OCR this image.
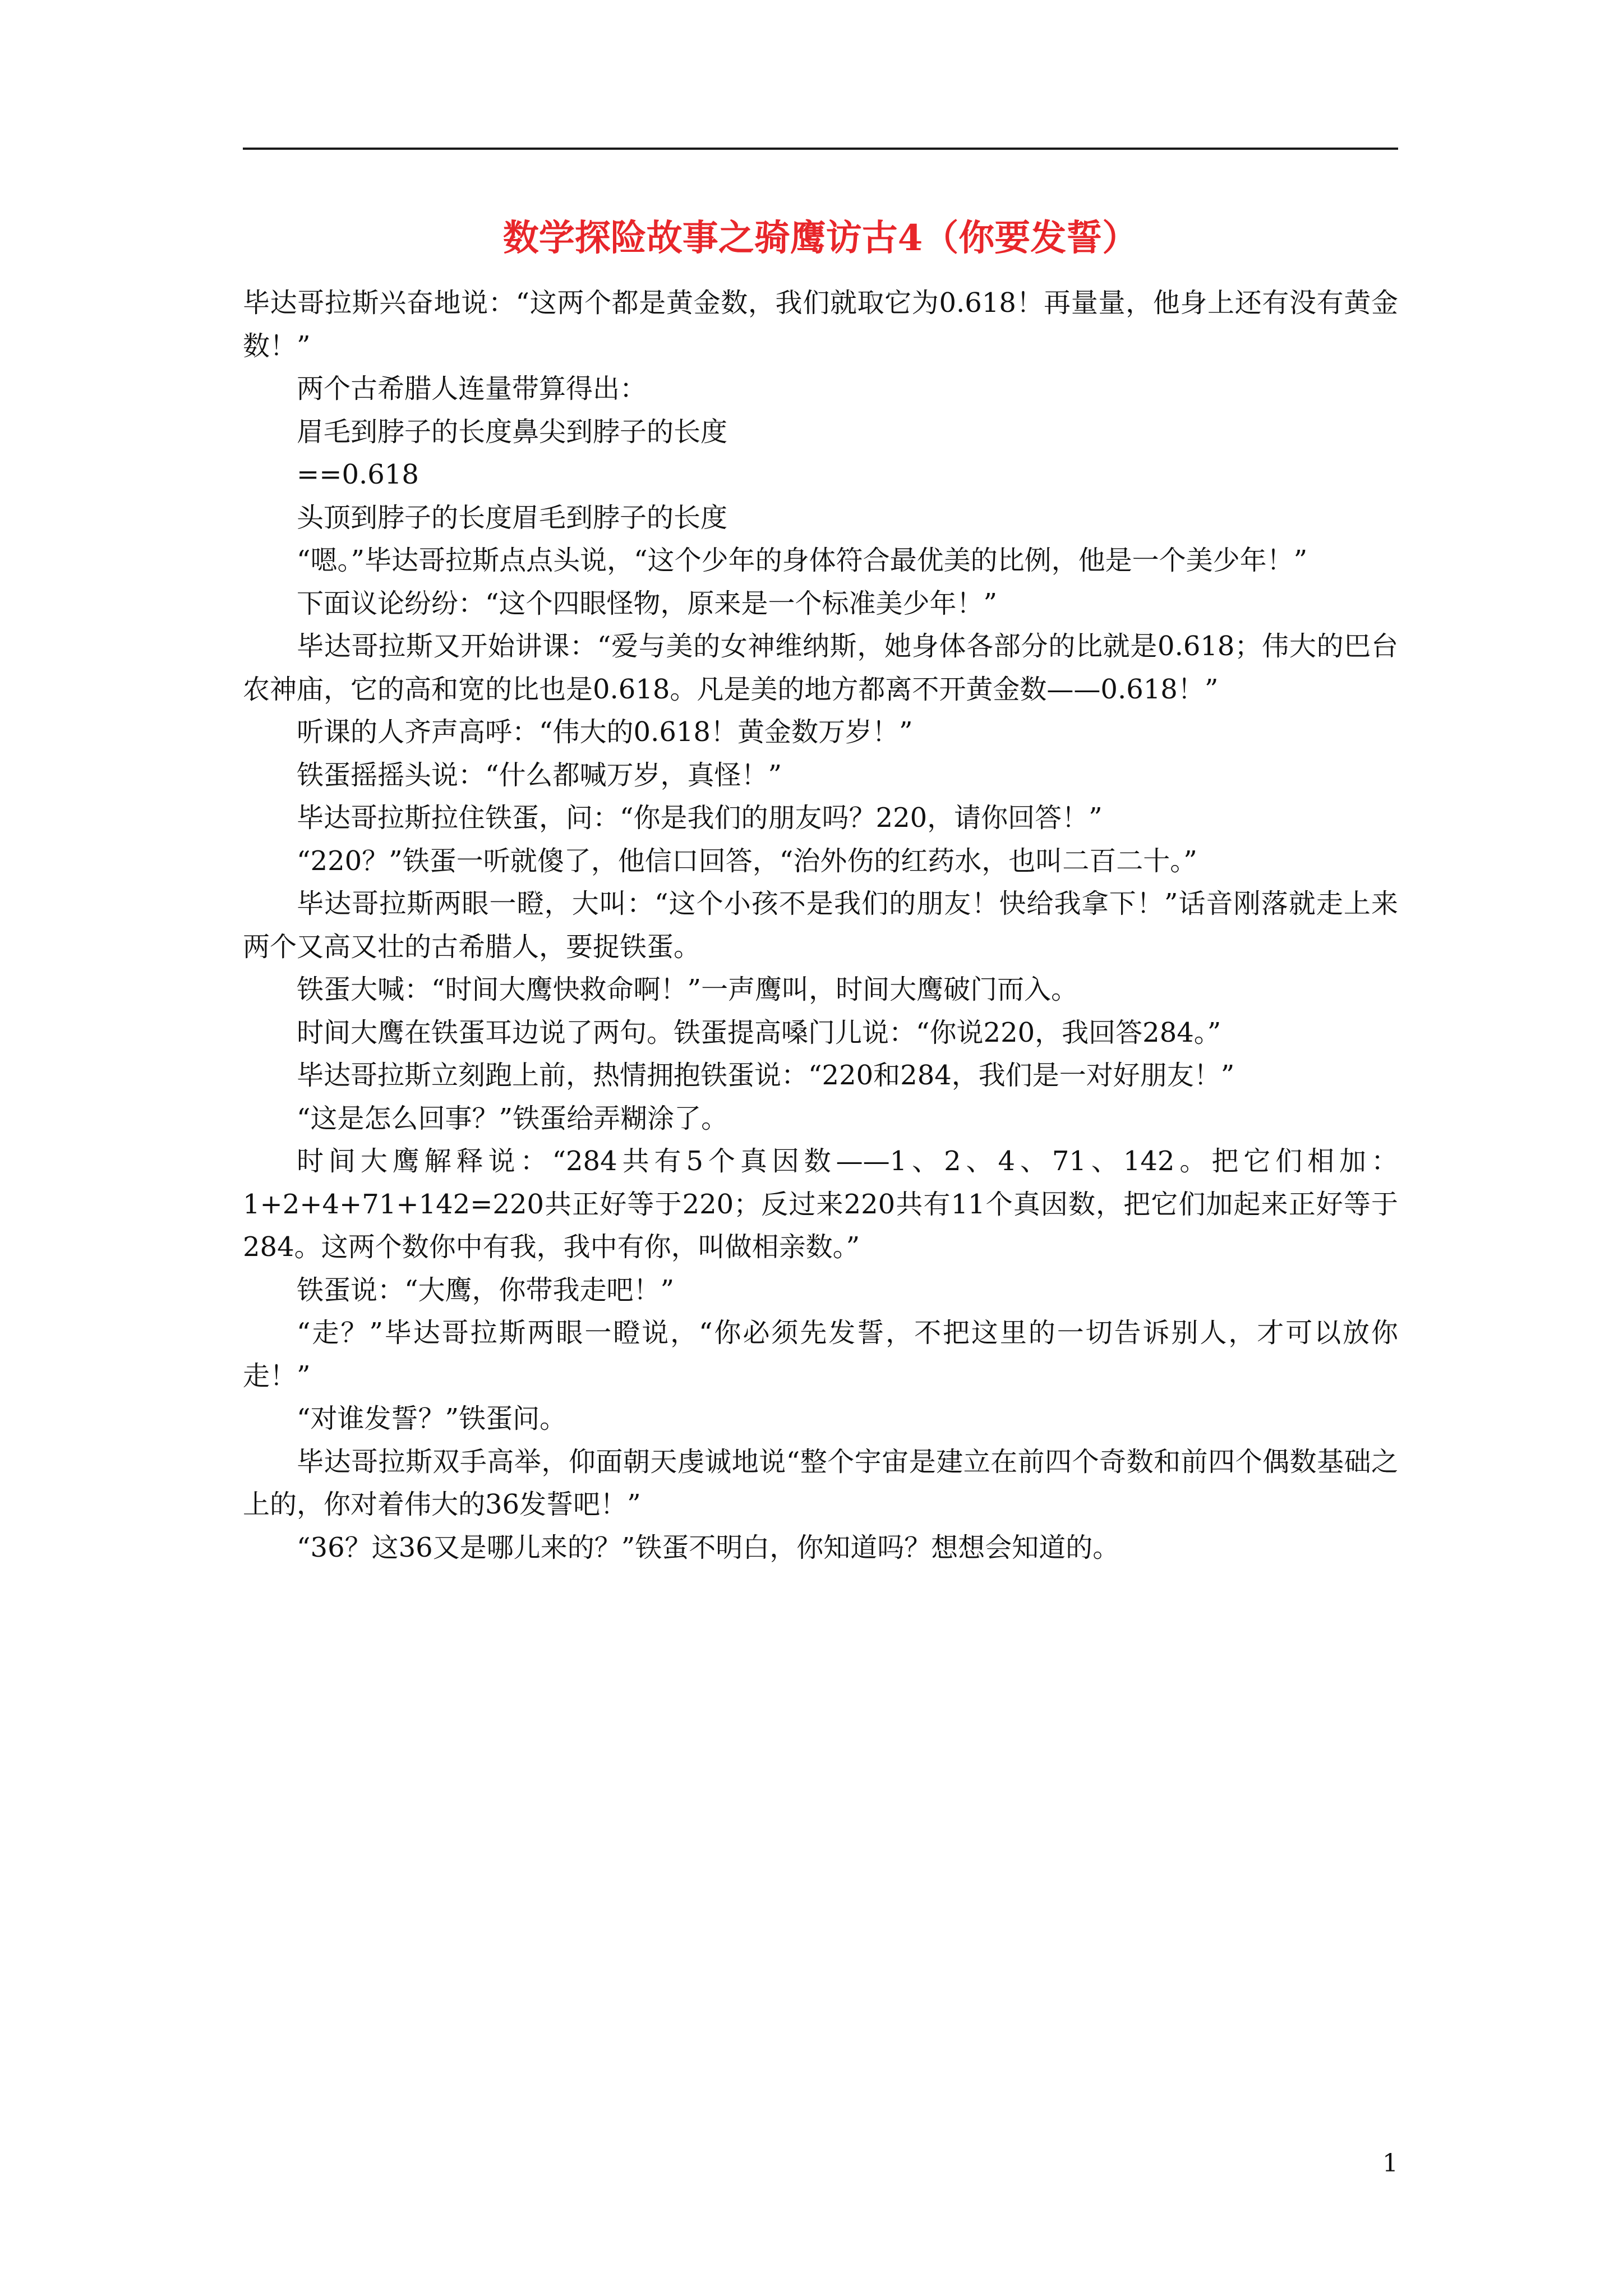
数学探险故事之骑鹰访古4（你要发誓）

毕达哥拉斯兴奋地说：“这两个都是黄金数，我们就取它为0.618！再量量，他身上还有没有黄金数！”

两个古希腊人连量带算得出：

眉毛到脖子的长度鼻尖到脖子的长度

==0.618

头顶到脖子的长度眉毛到脖子的长度

“嗯。”毕达哥拉斯点点头说，“这个少年的身体符合最优美的比例，他是一个美少年！”

下面议论纷纷：“这个四眼怪物，原来是一个标准美少年！”

毕达哥拉斯又开始讲课：“爱与美的女神维纳斯，她身体各部分的比就是0.618；伟大的巴台农神庙，它的高和宽的比也是0.618。凡是美的地方都离不开黄金数——0.618！”

听课的人齐声高呼：“伟大的0.618！黄金数万岁！”

铁蛋摇摇头说：“什么都喊万岁，真怪！”

毕达哥拉斯拉住铁蛋，问：“你是我们的朋友吗？220，请你回答！”

“220？”铁蛋一听就傻了，他信口回答，“治外伤的红药水，也叫二百二十。”

毕达哥拉斯两眼一瞪，大叫：“这个小孩不是我们的朋友！快给我拿下！”话音刚落就走上来两个又高又壮的古希腊人，要捉铁蛋。

铁蛋大喊：“时间大鹰快救命啊！”一声鹰叫，时间大鹰破门而入。

时间大鹰在铁蛋耳边说了两句。铁蛋提高嗓门儿说：“你说220，我回答284。”

毕达哥拉斯立刻跑上前，热情拥抱铁蛋说：“220和284，我们是一对好朋友！”

“这是怎么回事？”铁蛋给弄糊涂了。

时间大鹰解释说：“284共有5个真因数——1、2、4、71、142。把它们相加：1+2+4+71+142=220共正好等于220；反过来220共有11个真因数，把它们加起来正好等于284。这两个数你中有我，我中有你，叫做相亲数。”

铁蛋说：“大鹰，你带我走吧！”

“走？”毕达哥拉斯两眼一瞪说，“你必须先发誓，不把这里的一切告诉别人，才可以放你走！”

“对谁发誓？”铁蛋问。

毕达哥拉斯双手高举，仰面朝天虔诚地说“整个宇宙是建立在前四个奇数和前四个偶数基础之上的，你对着伟大的36发誓吧！”

“36？这36又是哪儿来的？”铁蛋不明白，你知道吗？想想会知道的。

1
